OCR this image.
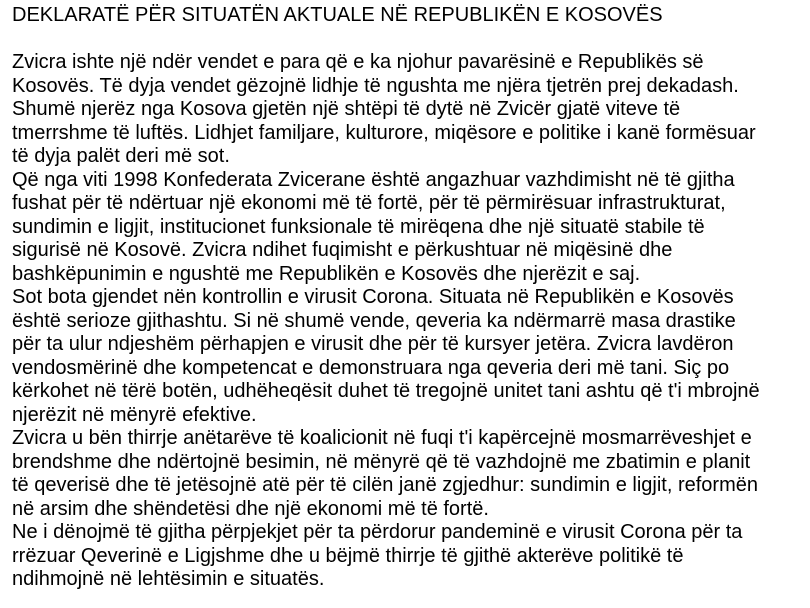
DEKLARATË PËR SITUATËN AKTUALE NË REPUBLIKËN E KOSOVËS

Zvicra ishte një ndër vendet e para që e ka njohur pavarësinë e Republikës së

Kosovës. Të dyja vendet gëzojnë lidhje të ngushta me njëra tjetrën prej dekadash.

Shumë njerëz nga Kosova gjetën një shtëpi të dytë në Zvicër gjatë viteve të

tmerrshme të luftës. Lidhjet familjare, kulturore, miqësore e politike i kanë formësuar

të dyja palët deri më sot.

Që nga viti 1998 Konfederata Zvicerane është angazhuar vazhdimisht në të gjitha

fushat për të ndërtuar një ekonomi më të fortë, për të përmirësuar infrastrukturat,

sundimin e ligjit, institucionet funksionale të mirëqena dhe një situatë stabile të

sigurisë në Kosovë. Zvicra ndihet fuqimisht e përkushtuar në miqësinë dhe

bashkëpunimin e ngushtë me Republikën e Kosovës dhe njerëzit e saj.

Sot bota gjendet nën kontrollin e virusit Corona. Situata në Republikën e Kosovës

është serioze gjithashtu. Si në shumë vende, qeveria ka ndërmarrë masa drastike

për ta ulur ndjeshëm përhapjen e virusit dhe për të kursyer jetëra. Zvicra lavdëron

vendosmërinë dhe kompetencat e demonstruara nga qeveria deri më tani. Siç po

kërkohet në tërë botën, udhëheqësit duhet të tregojnë unitet tani ashtu që t'i mbrojnë

njerëzit në mënyrë efektive.

Zvicra u bën thirrje anëtarëve të koalicionit në fuqi t'i kapërcejnë mosmarrëveshjet e

brendshme dhe ndërtojnë besimin, në mënyrë që të vazhdojnë me zbatimin e planit

të qeverisë dhe të jetësojnë atë për të cilën janë zgjedhur: sundimin e ligjit, reformën

në arsim dhe shëndetësi dhe një ekonomi më të fortë.

Ne i dënojmë të gjitha përpjekjet për ta përdorur pandeminë e virusit Corona për ta

rrëzuar Qeverinë e Ligjshme dhe u bëjmë thirrje të gjithë akterëve politikë të

ndihmojnë në lehtësimin e situatës.
